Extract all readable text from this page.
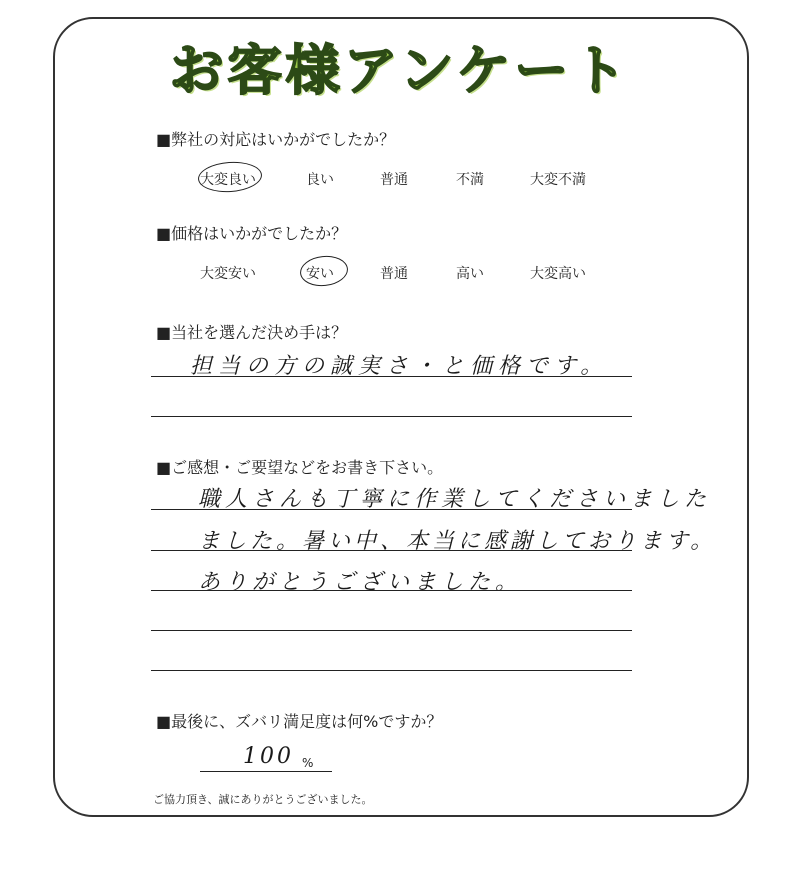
お客様アンケート
■弊社の対応はいかがでしたか？
大変良い	良い	普通	不満	大変不満
■価格はいかがでしたか？
大変安い	安い	普通	高い	大変高い
■当社を選んだ決め手は？
担当の方の誠実さ・と価格です。
■ご感想・ご要望などをお書き下さい。
職人さんも丁寧に作業してくださいました
ました。暑い中、本当に感謝しております。
ありがとうございました。
■最後に、ズバリ満足度は何%ですか？
100 %
ご協力頂き、誠にありがとうございました。
